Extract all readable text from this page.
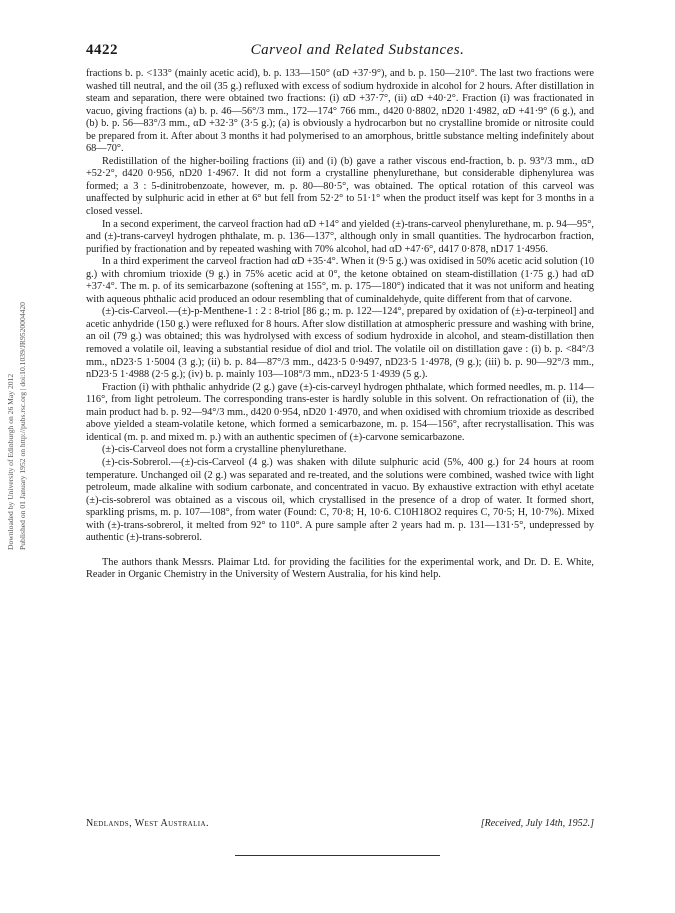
4422	Carveol and Related Substances.
Downloaded by University of Edinburgh on 26 May 2012 Published on 01 January 1952 on http://pubs.rsc.org | doi:10.1039/JR9520004420

fractions b. p. <133° (mainly acetic acid), b. p. 133—150° (αD +37·9°), and b. p. 150—210°. The last two fractions were washed till neutral, and the oil (35 g.) refluxed with excess of sodium hydroxide in alcohol for 2 hours. After distillation in steam and separation, there were obtained two fractions: (i) αD +37·7°, (ii) αD +40·2°. Fraction (i) was fractionated in vacuo, giving fractions (a) b. p. 46—56°/3 mm., 172—174° 766 mm., d420 0·8802, nD20 1·4982, αD +41·9° (6 g.), and (b) b. p. 56—83°/3 mm., αD +32·3° (3·5 g.); (a) is obviously a hydrocarbon but no crystalline bromide or nitrosite could be prepared from it. After about 3 months it had polymerised to an amorphous, brittle substance melting indefinitely about 68—70°.

Redistillation of the higher-boiling fractions (ii) and (i) (b) gave a rather viscous end-fraction, b. p. 93°/3 mm., αD +52·2°, d420 0·956, nD20 1·4967. It did not form a crystalline phenylurethane, but considerable diphenylurea was formed; a 3 : 5-dinitrobenzoate, however, m. p. 80—80·5°, was obtained. The optical rotation of this carveol was unaffected by sulphuric acid in ether at 6° but fell from 52·2° to 51·1° when the product itself was kept for 3 months in a closed vessel.

In a second experiment, the carveol fraction had αD +14° and yielded (±)-trans-carveol phenylurethane, m. p. 94—95°, and (±)-trans-carveyl hydrogen phthalate, m. p. 136—137°, although only in small quantities. The hydrocarbon fraction, purified by fractionation and by repeated washing with 70% alcohol, had αD +47·6°, d417 0·878, nD17 1·4956.

In a third experiment the carveol fraction had αD +35·4°. When it (9·5 g.) was oxidised in 50% acetic acid solution (10 g.) with chromium trioxide (9 g.) in 75% acetic acid at 0°, the ketone obtained on steam-distillation (1·75 g.) had αD +37·4°. The m. p. of its semicarbazone (softening at 155°, m. p. 175—180°) indicated that it was not uniform and heating with aqueous phthalic acid produced an odour resembling that of cuminaldehyde, quite different from that of carvone.

(±)-cis-Carveol.—(±)-p-Menthene-1 : 2 : 8-triol [86 g.; m. p. 122—124°, prepared by oxidation of (±)-α-terpineol] and acetic anhydride (150 g.) were refluxed for 8 hours. After slow distillation at atmospheric pressure and washing with brine, an oil (79 g.) was obtained; this was hydrolysed with excess of sodium hydroxide in alcohol, and steam-distillation then removed a volatile oil, leaving a substantial residue of diol and triol. The volatile oil on distillation gave : (i) b. p. <84°/3 mm., nD23·5 1·5004 (3 g.); (ii) b. p. 84—87°/3 mm., d423·5 0·9497, nD23·5 1·4978, (9 g.); (iii) b. p. 90—92°/3 mm., nD23·5 1·4988 (2·5 g.); (iv) b. p. mainly 103—108°/3 mm., nD23·5 1·4939 (5 g.).

Fraction (i) with phthalic anhydride (2 g.) gave (±)-cis-carveyl hydrogen phthalate, which formed needles, m. p. 114—116°, from light petroleum. The corresponding trans-ester is hardly soluble in this solvent. On refractionation of (ii), the main product had b. p. 92—94°/3 mm., d420 0·954, nD20 1·4970, and when oxidised with chromium trioxide as described above yielded a steam-volatile ketone, which formed a semicarbazone, m. p. 154—156°, after recrystallisation. This was identical (m. p. and mixed m. p.) with an authentic specimen of (±)-carvone semicarbazone.

(±)-cis-Carveol does not form a crystalline phenylurethane.

(±)-cis-Sobrerol.—(±)-cis-Carveol (4 g.) was shaken with dilute sulphuric acid (5%, 400 g.) for 24 hours at room temperature. Unchanged oil (2 g.) was separated and re-treated, and the solutions were combined, washed twice with light petroleum, made alkaline with sodium carbonate, and concentrated in vacuo. By exhaustive extraction with ethyl acetate (±)-cis-sobrerol was obtained as a viscous oil, which crystallised in the presence of a drop of water. It formed short, sparkling prisms, m. p. 107—108°, from water (Found: C, 70·8; H, 10·6. C10H18O2 requires C, 70·5; H, 10·7%). Mixed with (±)-trans-sobrerol, it melted from 92° to 110°. A pure sample after 2 years had m. p. 131—131·5°, undepressed by authentic (±)-trans-sobrerol.

The authors thank Messrs. Plaimar Ltd. for providing the facilities for the experimental work, and Dr. D. E. White, Reader in Organic Chemistry in the University of Western Australia, for his kind help.

Nedlands, West Australia.	[Received, July 14th, 1952.]
